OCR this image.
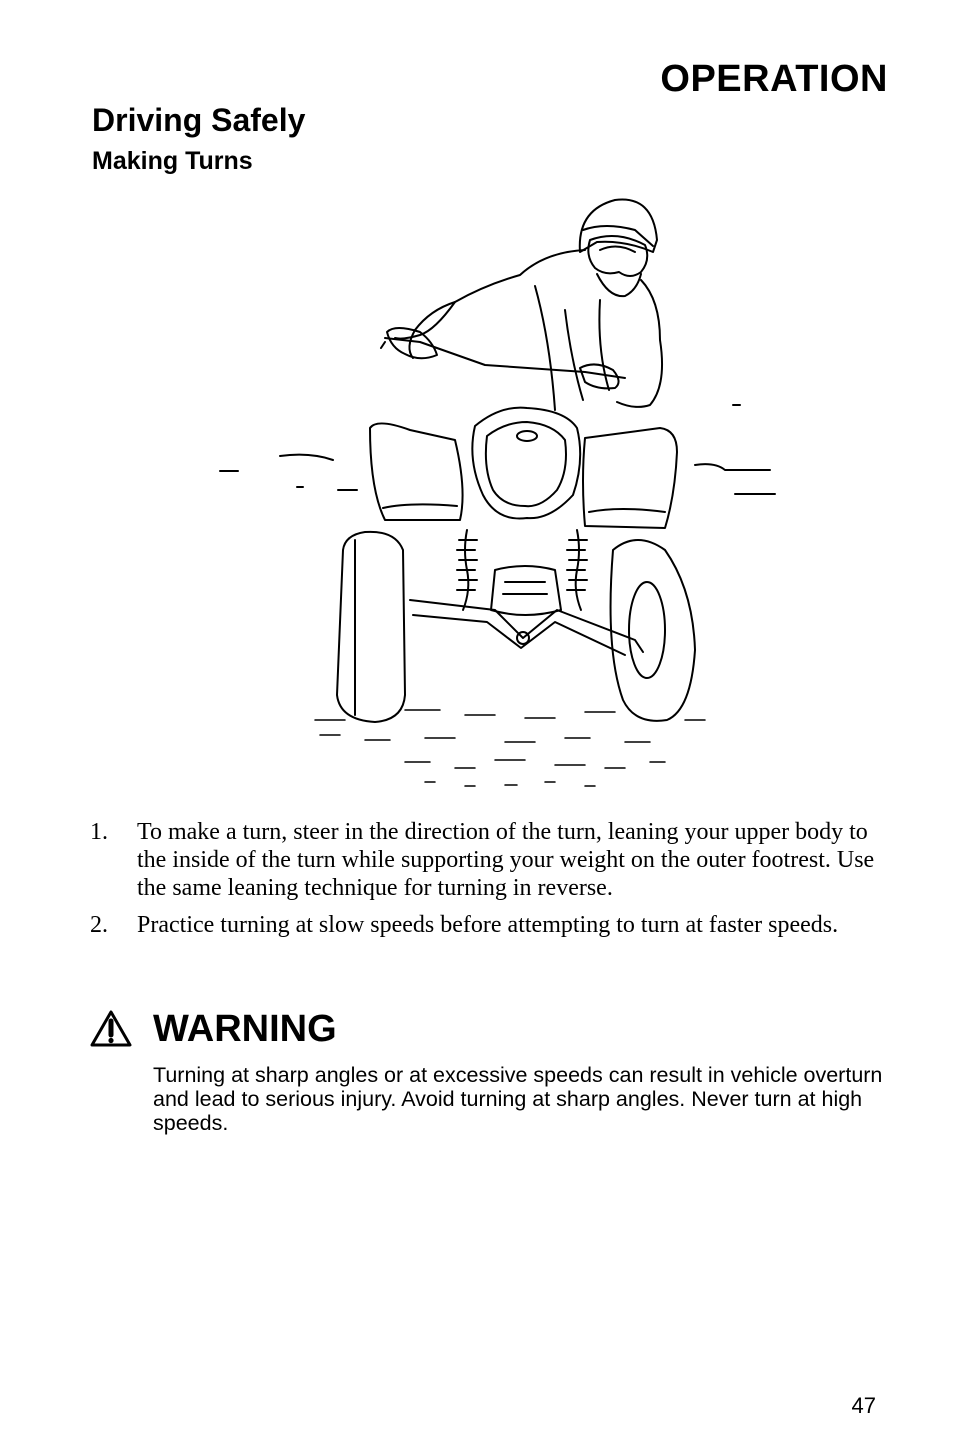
OPERATION
Driving Safely
Making Turns
1. To make a turn, steer in the direction of the turn, leaning your upper body to the inside of the turn while supporting your weight on the outer footrest. Use the same leaning technique for turning in reverse.
2. Practice turning at slow speeds before attempting to turn at faster speeds.
WARNING

Turning at sharp angles or at excessive speeds can result in vehicle overturn and lead to serious injury. Avoid turning at sharp angles. Never turn at high speeds.

47
